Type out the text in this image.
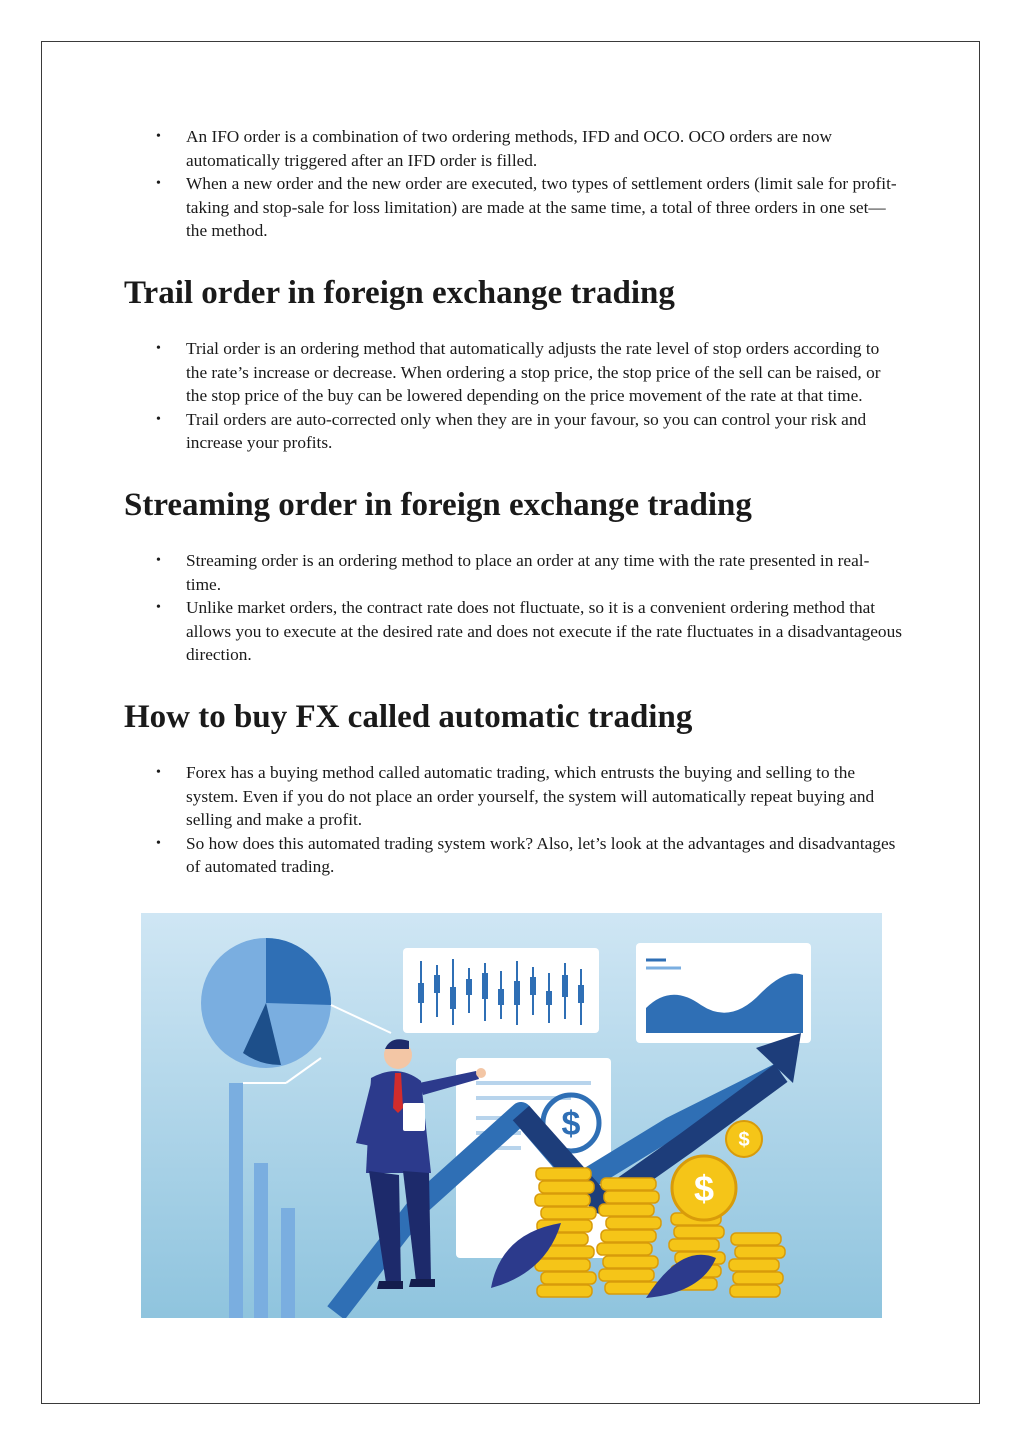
• An IFO order is a combination of two ordering methods, IFD and OCO. OCO orders are now automatically triggered after an IFD order is filled.
• When a new order and the new order are executed, two types of settlement orders (limit sale for profit-taking and stop-sale for loss limitation) are made at the same time, a total of three orders in one set—the method.
Trail order in foreign exchange trading
• Trial order is an ordering method that automatically adjusts the rate level of stop orders according to the rate’s increase or decrease. When ordering a stop price, the stop price of the sell can be raised, or the stop price of the buy can be lowered depending on the price movement of the rate at that time.
• Trail orders are auto-corrected only when they are in your favour, so you can control your risk and increase your profits.
Streaming order in foreign exchange trading
• Streaming order is an ordering method to place an order at any time with the rate presented in real-time.
• Unlike market orders, the contract rate does not fluctuate, so it is a convenient ordering method that allows you to execute at the desired rate and does not execute if the rate fluctuates in a disadvantageous direction.
How to buy FX called automatic trading
• Forex has a buying method called automatic trading, which entrusts the buying and selling to the system. Even if you do not place an order yourself, the system will automatically repeat buying and selling and make a profit.
• So how does this automated trading system work? Also, let’s look at the advantages and disadvantages of automated trading.
$
$
$
